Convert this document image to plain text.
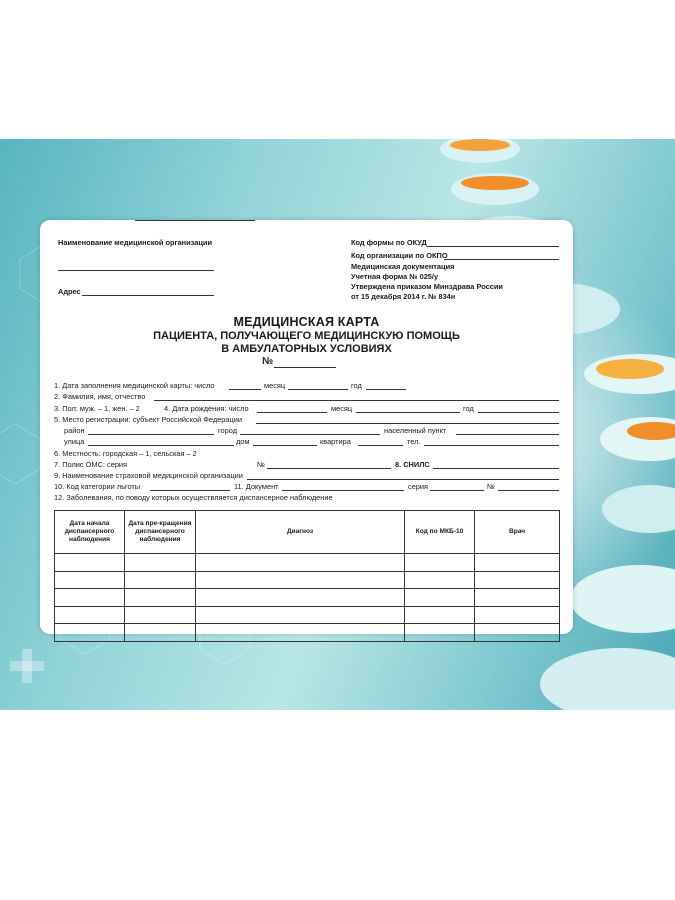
Наименование медицинской организации
Адрес
Код формы по ОКУД
Код организации по ОКПО
Медицинская документация
Учетная форма № 025/у
Утверждена приказом Минздрава России
от 15 декабря 2014 г. № 834н
МЕДИЦИНСКАЯ КАРТА
ПАЦИЕНТА, ПОЛУЧАЮЩЕГО МЕДИЦИНСКУЮ ПОМОЩЬ
В АМБУЛАТОРНЫХ УСЛОВИЯХ
№
1. Дата заполнения медицинской карты: число	месяц	год
2. Фамилия, имя, отчество
3. Пол: муж. – 1, жен. – 2	4. Дата рождения: число	месяц	год
5. Место регистрации: субъект Российской Федерации
район	город	населенный пункт
улица	дом	квартира	тел.
6. Местность: городская – 1, сельская – 2
7. Полис ОМС: серия	№	8. СНИЛС
9. Наименование страховой медицинской организации
10. Код категории льготы	11. Документ	серия	№
12. Заболевания, по поводу которых осуществляется диспансерное наблюдение
Дата начала диспансерного наблюдения	Дата пре-кращения диспансерного наблюдения	Диагноз	Код по МКБ-10	Врач
